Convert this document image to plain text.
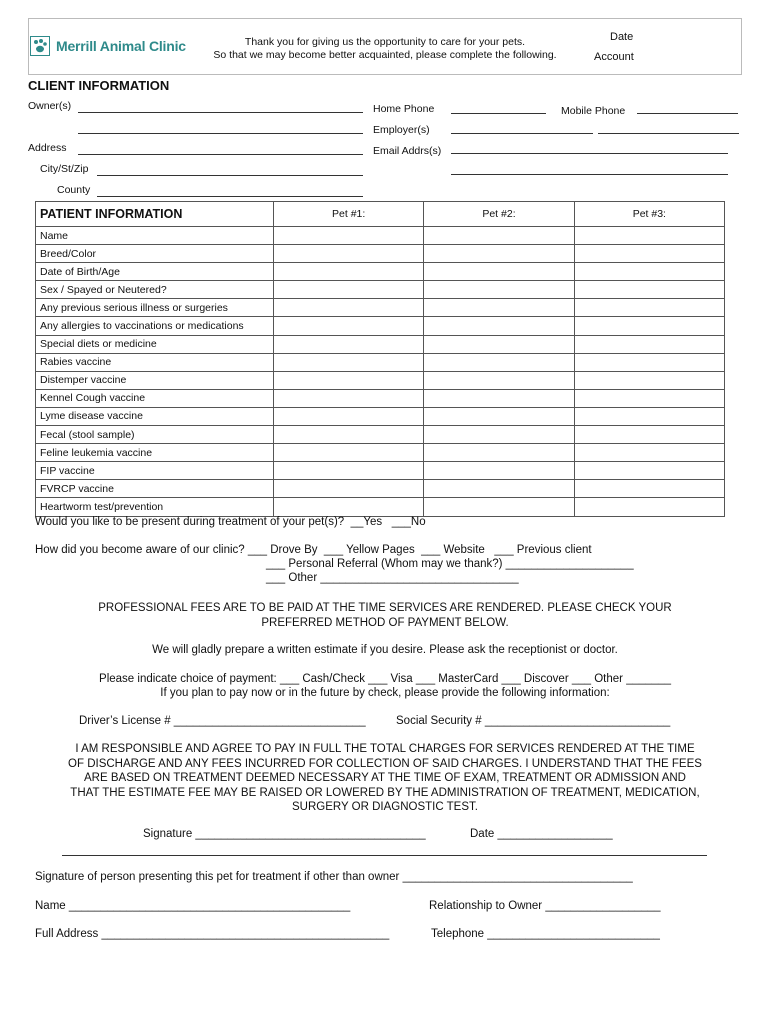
Merrill Animal Clinic	Thank you for giving us the opportunity to care for your pets.
So that we may become better acquainted, please complete the following.
Date
Account
CLIENT INFORMATION
Owner(s)	Home Phone	Mobile Phone
Employer(s)
Address	Email Addrs(s)
City/St/Zip
County
PATIENT INFORMATION	Pet #1:	Pet #2:	Pet #3:
Name			
Breed/Color			
Date of Birth/Age			
Sex / Spayed or Neutered?			
Any previous serious illness or surgeries			
Any allergies to vaccinations or medications			
Special diets or medicine			
Rabies vaccine			
Distemper vaccine			
Kennel Cough vaccine			
Lyme disease vaccine			
Fecal (stool sample)			
Feline leukemia vaccine			
FIP vaccine			
FVRCP vaccine			
Heartworm test/prevention			
Would you like to be present during treatment of your pet(s)?  __Yes   ___No
How did you become aware of our clinic? ___ Drove By  ___ Yellow Pages  ___ Website   ___ Previous client
___ Personal Referral (Whom may we thank?) ____________________
___ Other _______________________________
PROFESSIONAL FEES ARE TO BE PAID AT THE TIME SERVICES ARE RENDERED. PLEASE CHECK YOUR
PREFERRED METHOD OF PAYMENT BELOW.
We will gladly prepare a written estimate if you desire. Please ask the receptionist or doctor.
Please indicate choice of payment: ___ Cash/Check ___ Visa ___ MasterCard ___ Discover ___ Other _______
If you plan to pay now or in the future by check, please provide the following information:
Driver’s License # ______________________________	Social Security # _____________________________
I AM RESPONSIBLE AND AGREE TO PAY IN FULL THE TOTAL CHARGES FOR SERVICES RENDERED AT THE TIME
OF DISCHARGE AND ANY FEES INCURRED FOR COLLECTION OF SAID CHARGES. I UNDERSTAND THAT THE FEES
ARE BASED ON TREATMENT DEEMED NECESSARY AT THE TIME OF EXAM, TREATMENT OR ADMISSION AND
THAT THE ESTIMATE FEE MAY BE RAISED OR LOWERED BY THE ADMINISTRATION OF TREATMENT, MEDICATION,
SURGERY OR DIAGNOSTIC TEST.
Signature ____________________________________	Date __________________
Signature of person presenting this pet for treatment if other than owner ____________________________________
Name ____________________________________________	Relationship to Owner __________________
Full Address _____________________________________________	Telephone ___________________________
